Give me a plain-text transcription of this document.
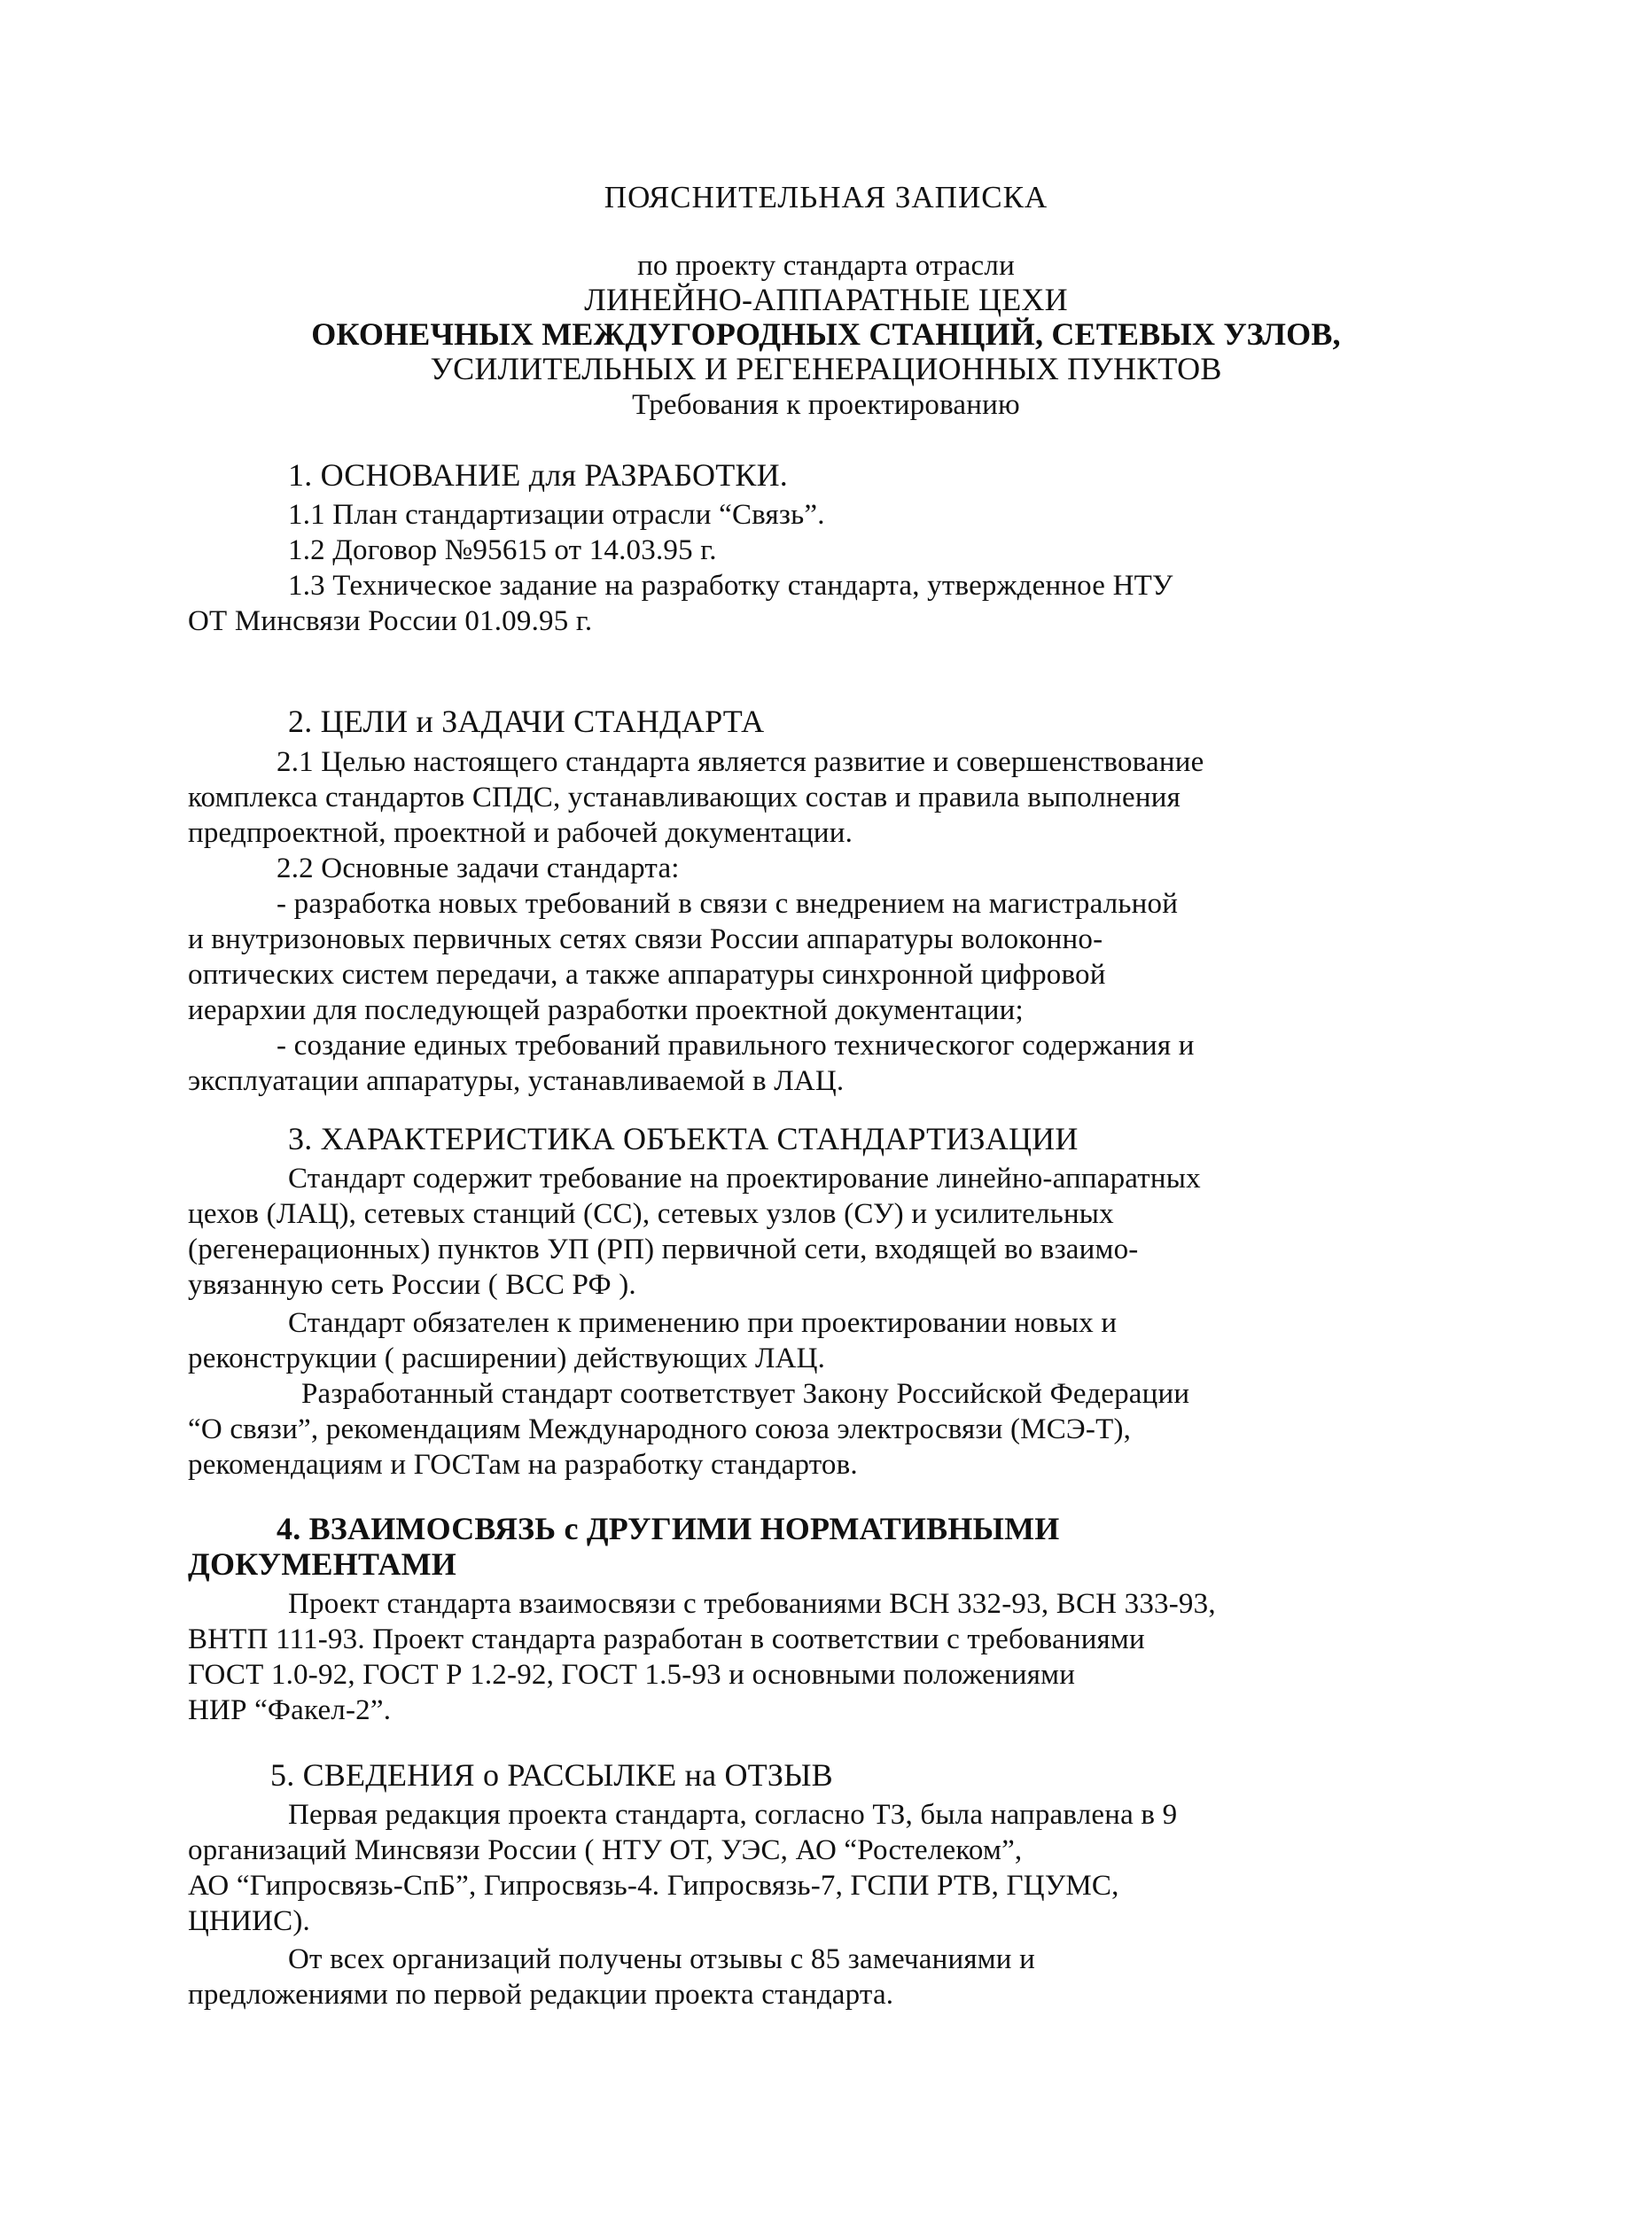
ПОЯСНИТЕЛЬНАЯ ЗАПИСКА
по проекту стандарта отрасли
ЛИНЕЙНО-АППАРАТНЫЕ ЦЕХИ
ОКОНЕЧНЫХ МЕЖДУГОРОДНЫХ СТАНЦИЙ, СЕТЕВЫХ УЗЛОВ,
УСИЛИТЕЛЬНЫХ И РЕГЕНЕРАЦИОННЫХ ПУНКТОВ
Требования к проектированию
1. ОСНОВАНИЕ для РАЗРАБОТКИ.
1.1 План стандартизации отрасли “Связь”.
1.2 Договор №95615 от 14.03.95 г.
1.3 Техническое задание на разработку стандарта, утвержденное НТУ
ОТ Минсвязи России 01.09.95 г.
2. ЦЕЛИ и ЗАДАЧИ СТАНДАРТА
2.1 Целью настоящего стандарта является развитие и совершенствование
комплекса стандартов СПДС, устанавливающих состав и правила выполнения
предпроектной, проектной и рабочей документации.
2.2 Основные задачи стандарта:
- разработка новых требований в связи с внедрением на магистральной
и внутризоновых первичных сетях связи России аппаратуры волоконно-
оптических систем передачи, а также аппаратуры синхронной цифровой
иерархии для последующей разработки проектной документации;
- создание единых требований правильного техническогог содержания и
эксплуатации аппаратуры, устанавливаемой в ЛАЦ.
3. ХАРАКТЕРИСТИКА ОБЪЕКТА СТАНДАРТИЗАЦИИ
Стандарт содержит требование на проектирование линейно-аппаратных
цехов (ЛАЦ), сетевых станций (СС), сетевых узлов (СУ) и усилительных
(регенерационных) пунктов УП (РП) первичной сети, входящей во взаимо-
увязанную сеть России ( ВСС РФ ).
Стандарт обязателен к применению при проектировании новых и
реконструкции ( расширении) действующих ЛАЦ.
Разработанный стандарт соответствует Закону Российской Федерации
“О связи”, рекомендациям Международного союза электросвязи (МСЭ-Т),
рекомендациям и ГОСТам на разработку стандартов.
4. ВЗАИМОСВЯЗЬ с ДРУГИМИ НОРМАТИВНЫМИ
ДОКУМЕНТАМИ
Проект стандарта взаимосвязи с требованиями ВСН 332-93, ВСН 333-93,
ВНТП 111-93. Проект стандарта разработан в соответствии с требованиями
ГОСТ 1.0-92, ГОСТ Р 1.2-92, ГОСТ 1.5-93 и основными положениями
НИР “Факел-2”.
5. СВЕДЕНИЯ о РАССЫЛКЕ на ОТЗЫВ
Первая редакция проекта стандарта, согласно ТЗ, была направлена в 9
организаций Минсвязи России ( НТУ ОТ, УЭС, АО “Ростелеком”,
АО “Гипросвязь-СпБ”, Гипросвязь-4. Гипросвязь-7, ГСПИ РТВ, ГЦУМС,
ЦНИИС).
От всех организаций получены отзывы с 85 замечаниями и
предложениями по первой редакции проекта стандарта.
